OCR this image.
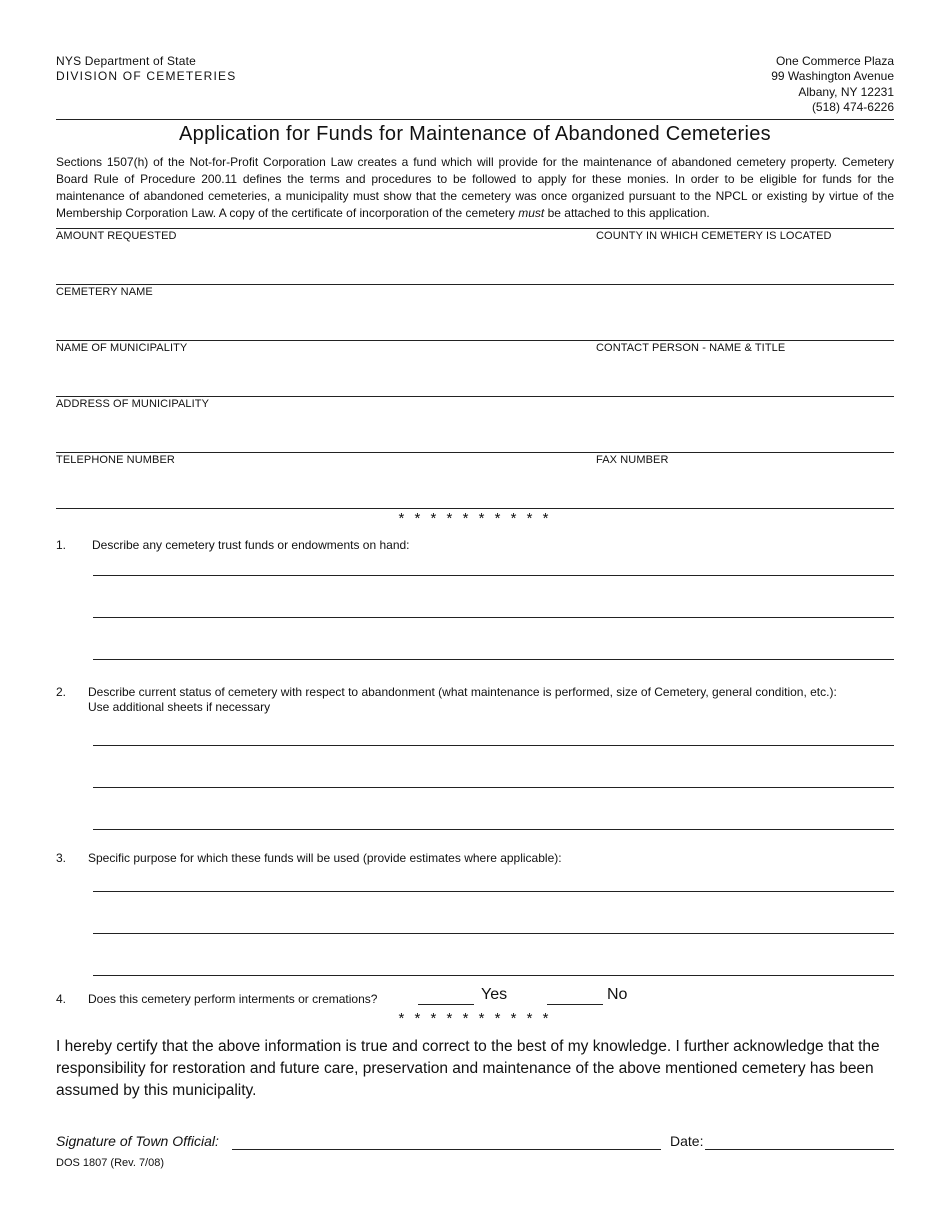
NYS Department of State
DIVISION OF CEMETERIES
One Commerce Plaza
99 Washington Avenue
Albany, NY 12231
(518) 474-6226
Application for Funds for Maintenance of Abandoned Cemeteries
Sections 1507(h) of the Not-for-Profit Corporation Law creates a fund which will provide for the maintenance of abandoned cemetery property. Cemetery Board Rule of Procedure 200.11 defines the terms and procedures to be followed to apply for these monies. In order to be eligible for funds for the maintenance of abandoned cemeteries, a municipality must show that the cemetery was once organized pursuant to the NPCL or existing by virtue of the Membership Corporation Law. A copy of the certificate of incorporation of the cemetery must be attached to this application.
AMOUNT REQUESTED	COUNTY IN WHICH CEMETERY IS LOCATED
CEMETERY NAME
NAME OF MUNICIPALITY	CONTACT PERSON - NAME & TITLE
ADDRESS OF MUNICIPALITY
TELEPHONE NUMBER	FAX NUMBER
* * * * * * * * * *
1. Describe any cemetery trust funds or endowments on hand:
2. Describe current status of cemetery with respect to abandonment (what maintenance is performed, size of Cemetery, general condition, etc.):
Use additional sheets if necessary
3. Specific purpose for which these funds will be used (provide estimates where applicable):
4. Does this cemetery perform interments or cremations?	Yes	No
* * * * * * * * * *
I hereby certify that the above information is true and correct to the best of my knowledge. I further acknowledge that the responsibility for restoration and future care, preservation and maintenance of the above mentioned cemetery has been assumed by this municipality.
Signature of Town Official:	Date:
DOS 1807 (Rev. 7/08)
